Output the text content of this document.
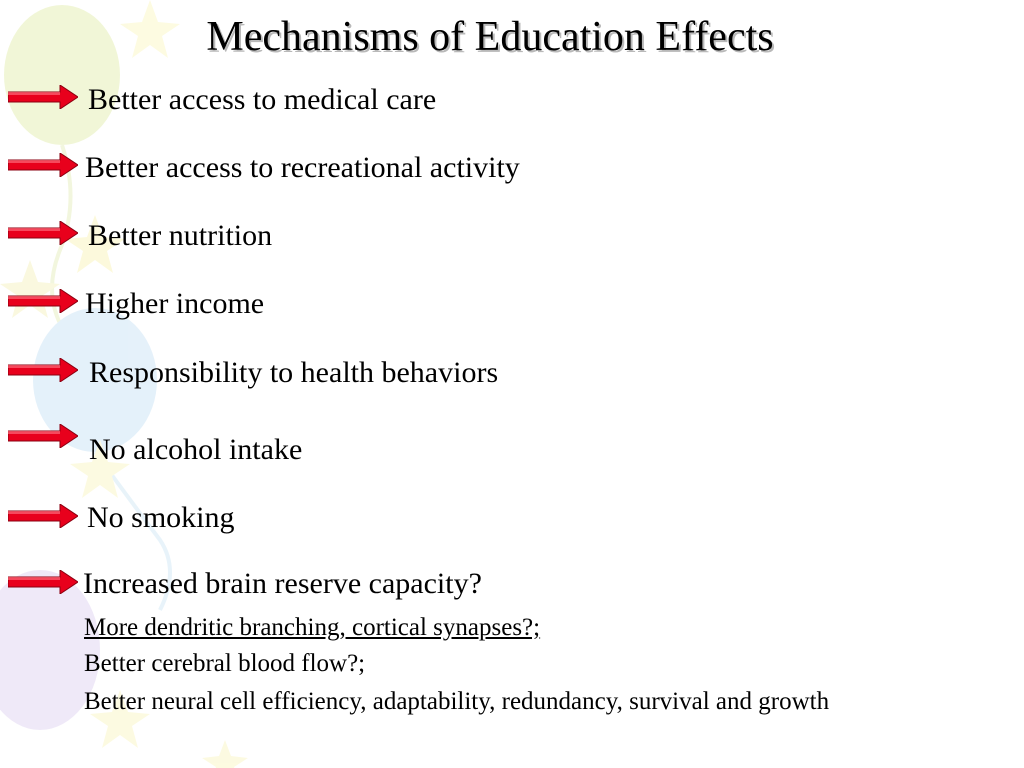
Mechanisms of Education Effects
Better access to medical care
Better access to recreational activity
Better nutrition
Higher income
Responsibility to health behaviors
No alcohol intake
No smoking
Increased brain reserve capacity?
More dendritic branching, cortical synapses?;
Better cerebral blood flow?;
Better neural cell efficiency, adaptability, redundancy, survival and growth
